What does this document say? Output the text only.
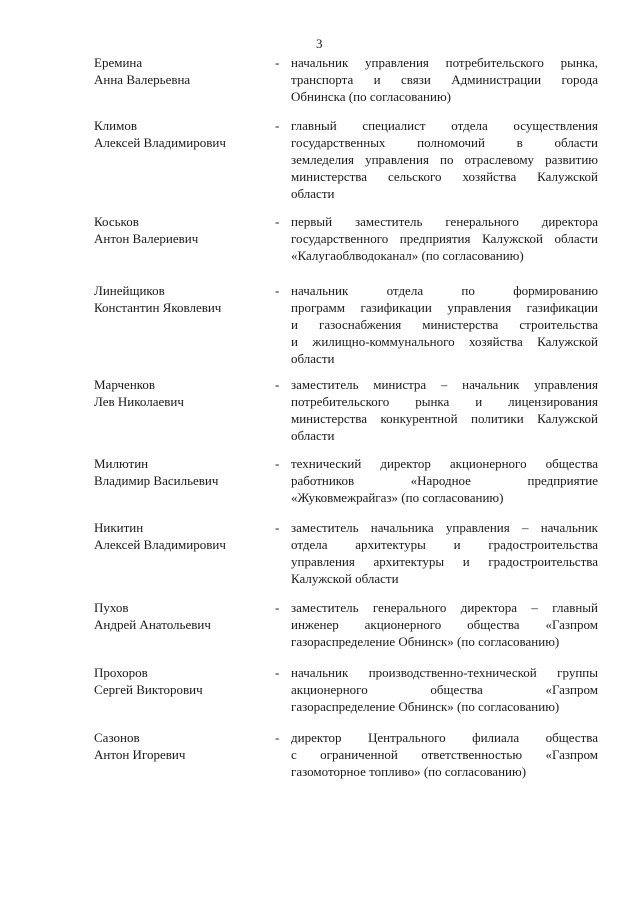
3
Еремина
Анна Валерьевна
- начальник управления потребительского рынка,
транспорта и связи Администрации города
Обнинска (по согласованию)
Климов
Алексей Владимирович
- главный специалист отдела осуществления
государственных полномочий в области
земледелия управления по отраслевому развитию
министерства сельского хозяйства Калужской
области
Коськов
Антон Валериевич
- первый заместитель генерального директора
государственного предприятия Калужской области
«Калугаоблводоканал» (по согласованию)
Линейщиков
Константин Яковлевич
- начальник отдела по формированию
программ газификации управления газификации
и газоснабжения министерства строительства
и жилищно-коммунального хозяйства Калужской
области
Марченков
Лев Николаевич
- заместитель министра – начальник управления
потребительского рынка и лицензирования
министерства конкурентной политики Калужской
области
Милютин
Владимир Васильевич
- технический директор акционерного общества
работников «Народное предприятие
«Жуковмежрайгаз» (по согласованию)
Никитин
Алексей Владимирович
- заместитель начальника управления – начальник
отдела архитектуры и градостроительства
управления архитектуры и градостроительства
Калужской области
Пухов
Андрей Анатольевич
- заместитель генерального директора – главный
инженер акционерного общества «Газпром
газораспределение Обнинск» (по согласованию)
Прохоров
Сергей Викторович
- начальник производственно-технической группы
акционерного общества «Газпром
газораспределение Обнинск» (по согласованию)
Сазонов
Антон Игоревич
- директор Центрального филиала общества
с ограниченной ответственностью «Газпром
газомоторное топливо» (по согласованию)
